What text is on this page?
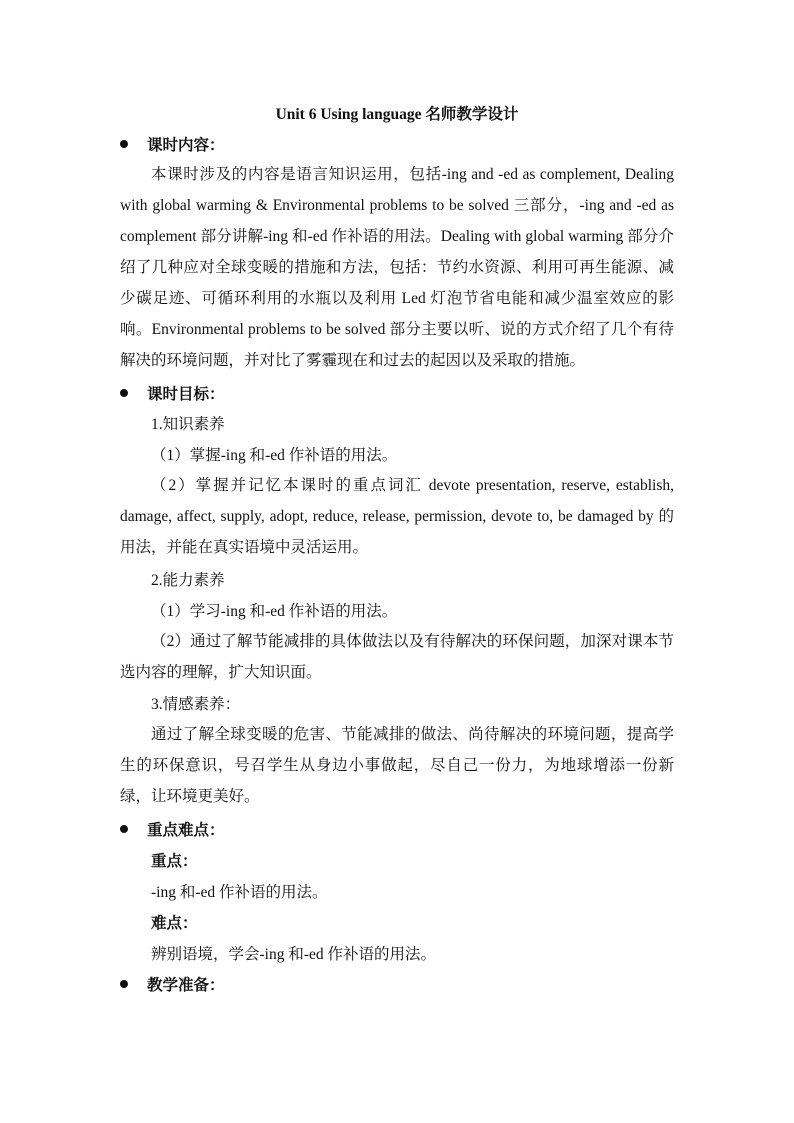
Unit 6 Using language 名师教学设计
课时内容：

本课时涉及的内容是语言知识运用，包括-ing and -ed as complement, Dealing with global warming & Environmental problems to be solved 三部分，-ing and -ed as complement 部分讲解-ing 和-ed 作补语的用法。Dealing with global warming 部分介绍了几种应对全球变暖的措施和方法，包括：节约水资源、利用可再生能源、减少碳足迹、可循环利用的水瓶以及利用 Led 灯泡节省电能和减少温室效应的影响。Environmental problems to be solved 部分主要以听、说的方式介绍了几个有待解决的环境问题，并对比了雾霾现在和过去的起因以及采取的措施。

课时目标：
1.知识素养
（1）掌握-ing 和-ed 作补语的用法。

（2）掌握并记忆本课时的重点词汇 devote presentation, reserve, establish, damage, affect, supply, adopt, reduce, release, permission, devote to, be damaged by 的用法，并能在真实语境中灵活运用。

2.能力素养
（1）学习-ing 和-ed 作补语的用法。

（2）通过了解节能减排的具体做法以及有待解决的环保问题，加深对课本节选内容的理解，扩大知识面。

3.情感素养：

通过了解全球变暖的危害、节能减排的做法、尚待解决的环境问题，提高学生的环保意识，号召学生从身边小事做起，尽自己一份力，为地球增添一份新绿，让环境更美好。

重点难点：
重点：
-ing 和-ed 作补语的用法。
难点：
辨别语境，学会-ing 和-ed 作补语的用法。
教学准备：
